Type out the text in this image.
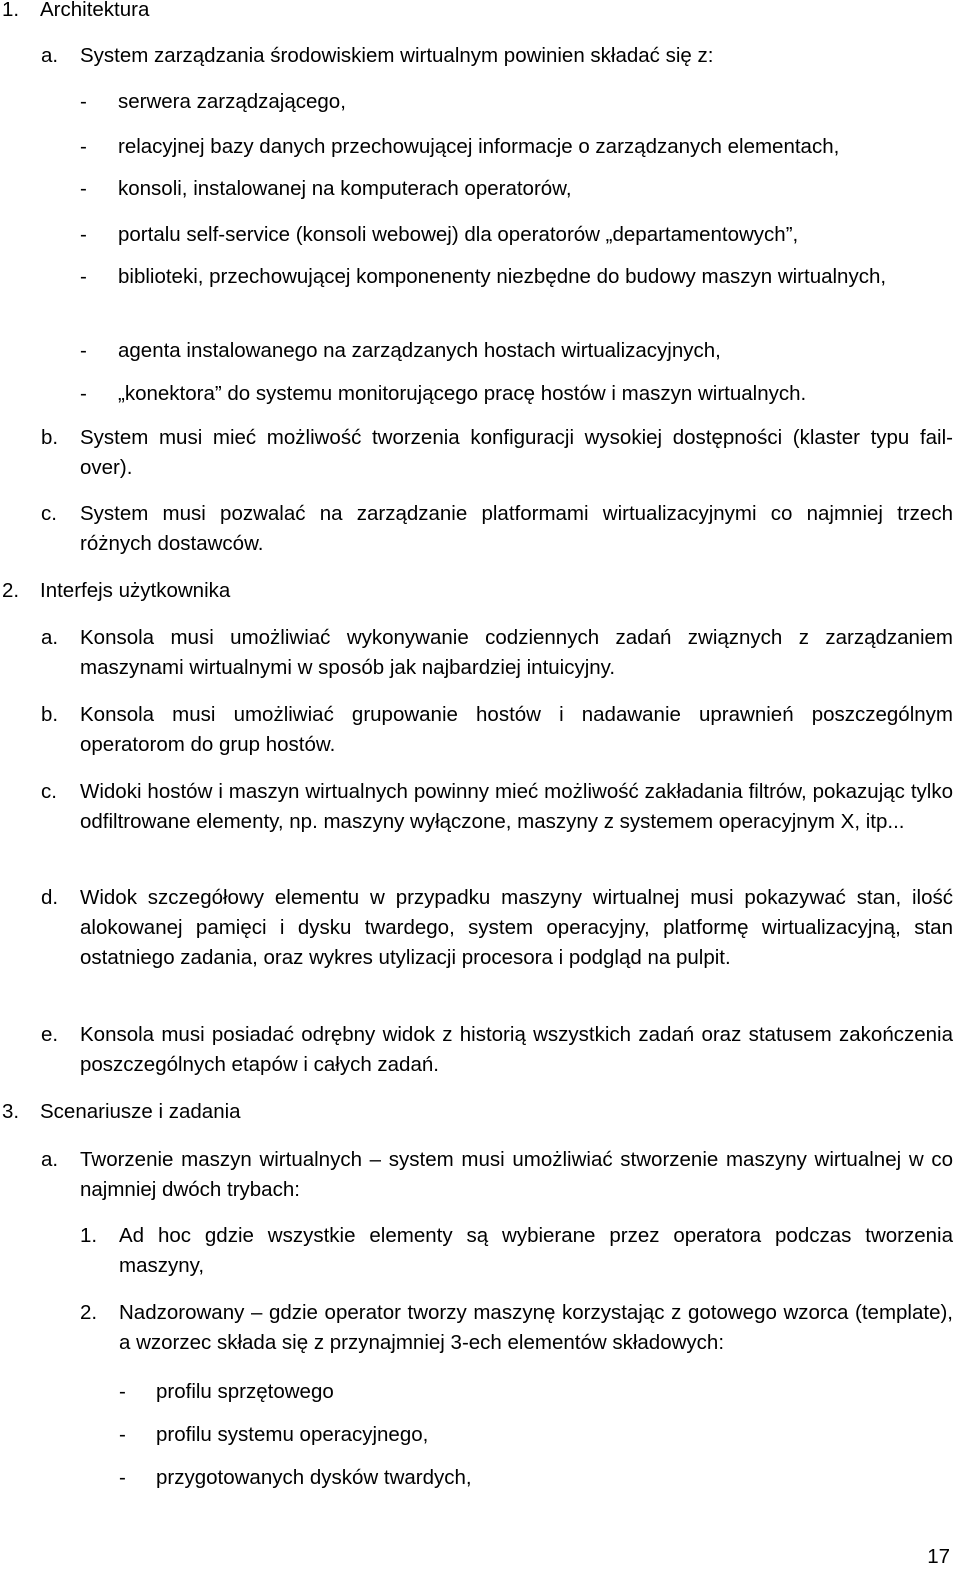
1. Architektura
a. System zarządzania środowiskiem wirtualnym powinien składać się z:
- serwera zarządzającego,
- relacyjnej bazy danych przechowującej informacje o zarządzanych elementach,
- konsoli, instalowanej na komputerach operatorów,
- portalu self-service (konsoli webowej) dla operatorów „departamentowych”,
- biblioteki, przechowującej komponenenty niezbędne do budowy maszyn wirtualnych,
- agenta instalowanego na zarządzanych hostach wirtualizacyjnych,
- „konektora” do systemu monitorującego pracę hostów i maszyn wirtualnych.
b. System musi mieć możliwość tworzenia konfiguracji wysokiej dostępności (klaster typu fail-over).
c. System musi pozwalać na zarządzanie platformami wirtualizacyjnymi co najmniej trzech różnych dostawców.
2. Interfejs użytkownika
a. Konsola musi umożliwiać wykonywanie codziennych zadań związnych z zarządzaniem maszynami wirtualnymi w sposób jak najbardziej intuicyjny.
b. Konsola musi umożliwiać grupowanie hostów i nadawanie uprawnień poszczególnym operatorom do grup hostów.
c. Widoki hostów i maszyn wirtualnych powinny mieć możliwość zakładania filtrów, pokazując tylko odfiltrowane elementy, np. maszyny wyłączone, maszyny z systemem operacyjnym X, itp...
d. Widok szczegółowy elementu w przypadku maszyny wirtualnej musi pokazywać stan, ilość alokowanej pamięci i dysku twardego, system operacyjny, platformę wirtualizacyjną, stan ostatniego zadania, oraz wykres utylizacji procesora i podgląd na pulpit.
e. Konsola musi posiadać odrębny widok z historią wszystkich zadań oraz statusem zakończenia poszczególnych etapów i całych zadań.
3. Scenariusze i zadania
a. Tworzenie maszyn wirtualnych – system musi umożliwiać stworzenie maszyny wirtualnej w co najmniej dwóch trybach:
1. Ad hoc gdzie wszystkie elementy są wybierane przez operatora podczas tworzenia maszyny,
2. Nadzorowany – gdzie operator tworzy maszynę korzystając z gotowego wzorca (template), a wzorzec składa się z przynajmniej 3-ech elementów składowych:
- profilu sprzętowego
- profilu systemu operacyjnego,
- przygotowanych dysków twardych,
17
